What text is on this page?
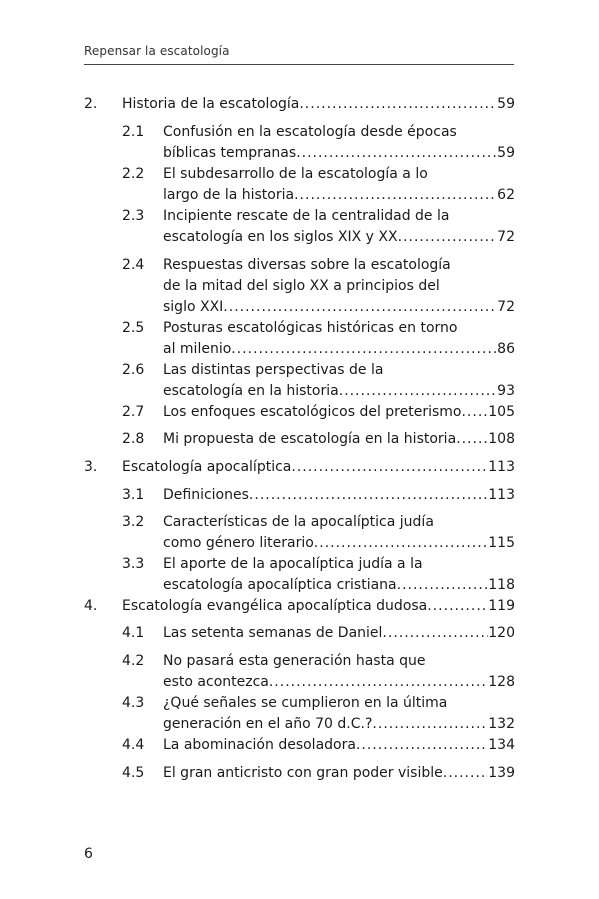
Repensar la escatología
2. Historia de la escatología .....	59
2.1 Confusión en la escatología desde épocas
bíblicas tempranas .....	59
2.2 El subdesarrollo de la escatología a lo
largo de la historia .....	62
2.3 Incipiente rescate de la centralidad de la
escatología en los siglos XIX y XX .....	72
2.4 Respuestas diversas sobre la escatología
de la mitad del siglo XX a principios del
siglo XXI .....	72
2.5 Posturas escatológicas históricas en torno
al milenio .....	86
2.6 Las distintas perspectivas de la
escatología en la historia .....	93
2.7 Los enfoques escatológicos del preterismo ..... 105
2.8 Mi propuesta de escatología en la historia ..... 108
3. Escatología apocalíptica .....	113
3.1 Definiciones .....	113
3.2 Características de la apocalíptica judía
como género literario .....	115
3.3 El aporte de la apocalíptica judía a la
escatología apocalíptica cristiana .....	118
4. Escatología evangélica apocalíptica dudosa .....	119
4.1 Las setenta semanas de Daniel .....	120
4.2 No pasará esta generación hasta que
esto acontezca .....	128
4.3 ¿Qué señales se cumplieron en la última
generación en el año 70 d.C.? .....	132
4.4 La abominación desoladora .....	134
4.5 El gran anticristo con gran poder visible .....	139
6
